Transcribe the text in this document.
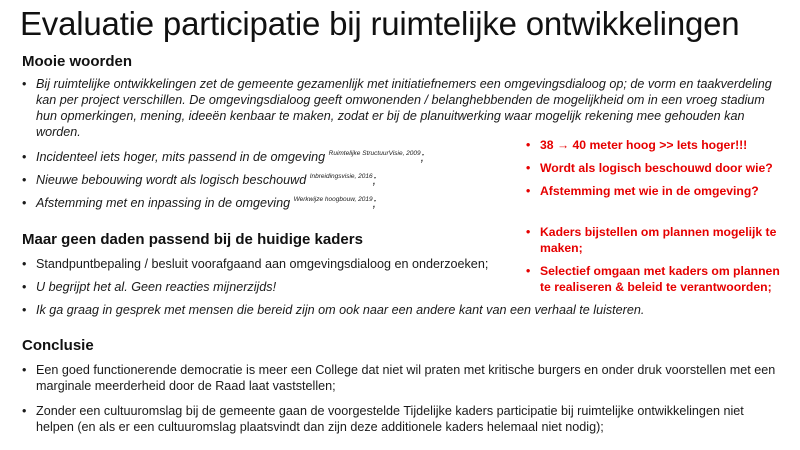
Evaluatie participatie bij ruimtelijke ontwikkelingen
Mooie woorden
• Bij ruimtelijke ontwikkelingen zet de gemeente gezamenlijk met initiatiefnemers een omgevingsdialoog op; de vorm en taakverdeling kan per project verschillen. De omgevingsdialoog geeft omwonenden / belanghebbenden de mogelijkheid om in een vroeg stadium hun opmerkingen, mening, ideeën kenbaar te maken, zodat er bij de planuitwerking waar mogelijk rekening mee gehouden kan worden.
• Incidenteel iets hoger, mits passend in de omgeving $^{Ruimtelijke StructuurVisie, 2009}$;
• Nieuwe bebouwing wordt als logisch beschouwd $^{Inbreidingsvisie, 2016}$;
• Afstemming met en inpassing in de omgeving $^{Werkwijze hoogbouw, 2019}$;
Maar geen daden passend bij de huidige kaders
• Standpuntbepaling / besluit voorafgaand aan omgevingsdialoog en onderzoeken;
• U begrijpt het al. Geen reacties mijnerzijds!
• Ik ga graag in gesprek met mensen die bereid zijn om ook naar een andere kant van een verhaal te luisteren.
Conclusie
• Een goed functionerende democratie is meer een College dat niet wil praten met kritische burgers en onder druk voorstellen met een marginale meerderheid door de Raad laat vaststellen;
• Zonder een cultuuromslag bij de gemeente gaan de voorgestelde Tijdelijke kaders participatie bij ruimtelijke ontwikkelingen niet helpen (en als er een cultuuromslag plaatsvindt dan zijn deze additionele kaders helemaal niet nodig);
• 38 → 40 meter hoog >> Iets hoger!!!
• Wordt als logisch beschouwd door wie?
• Afstemming met wie in de omgeving?
• Kaders bijstellen om plannen mogelijk te maken;
• Selectief omgaan met kaders om plannen te realiseren & beleid te verantwoorden;
